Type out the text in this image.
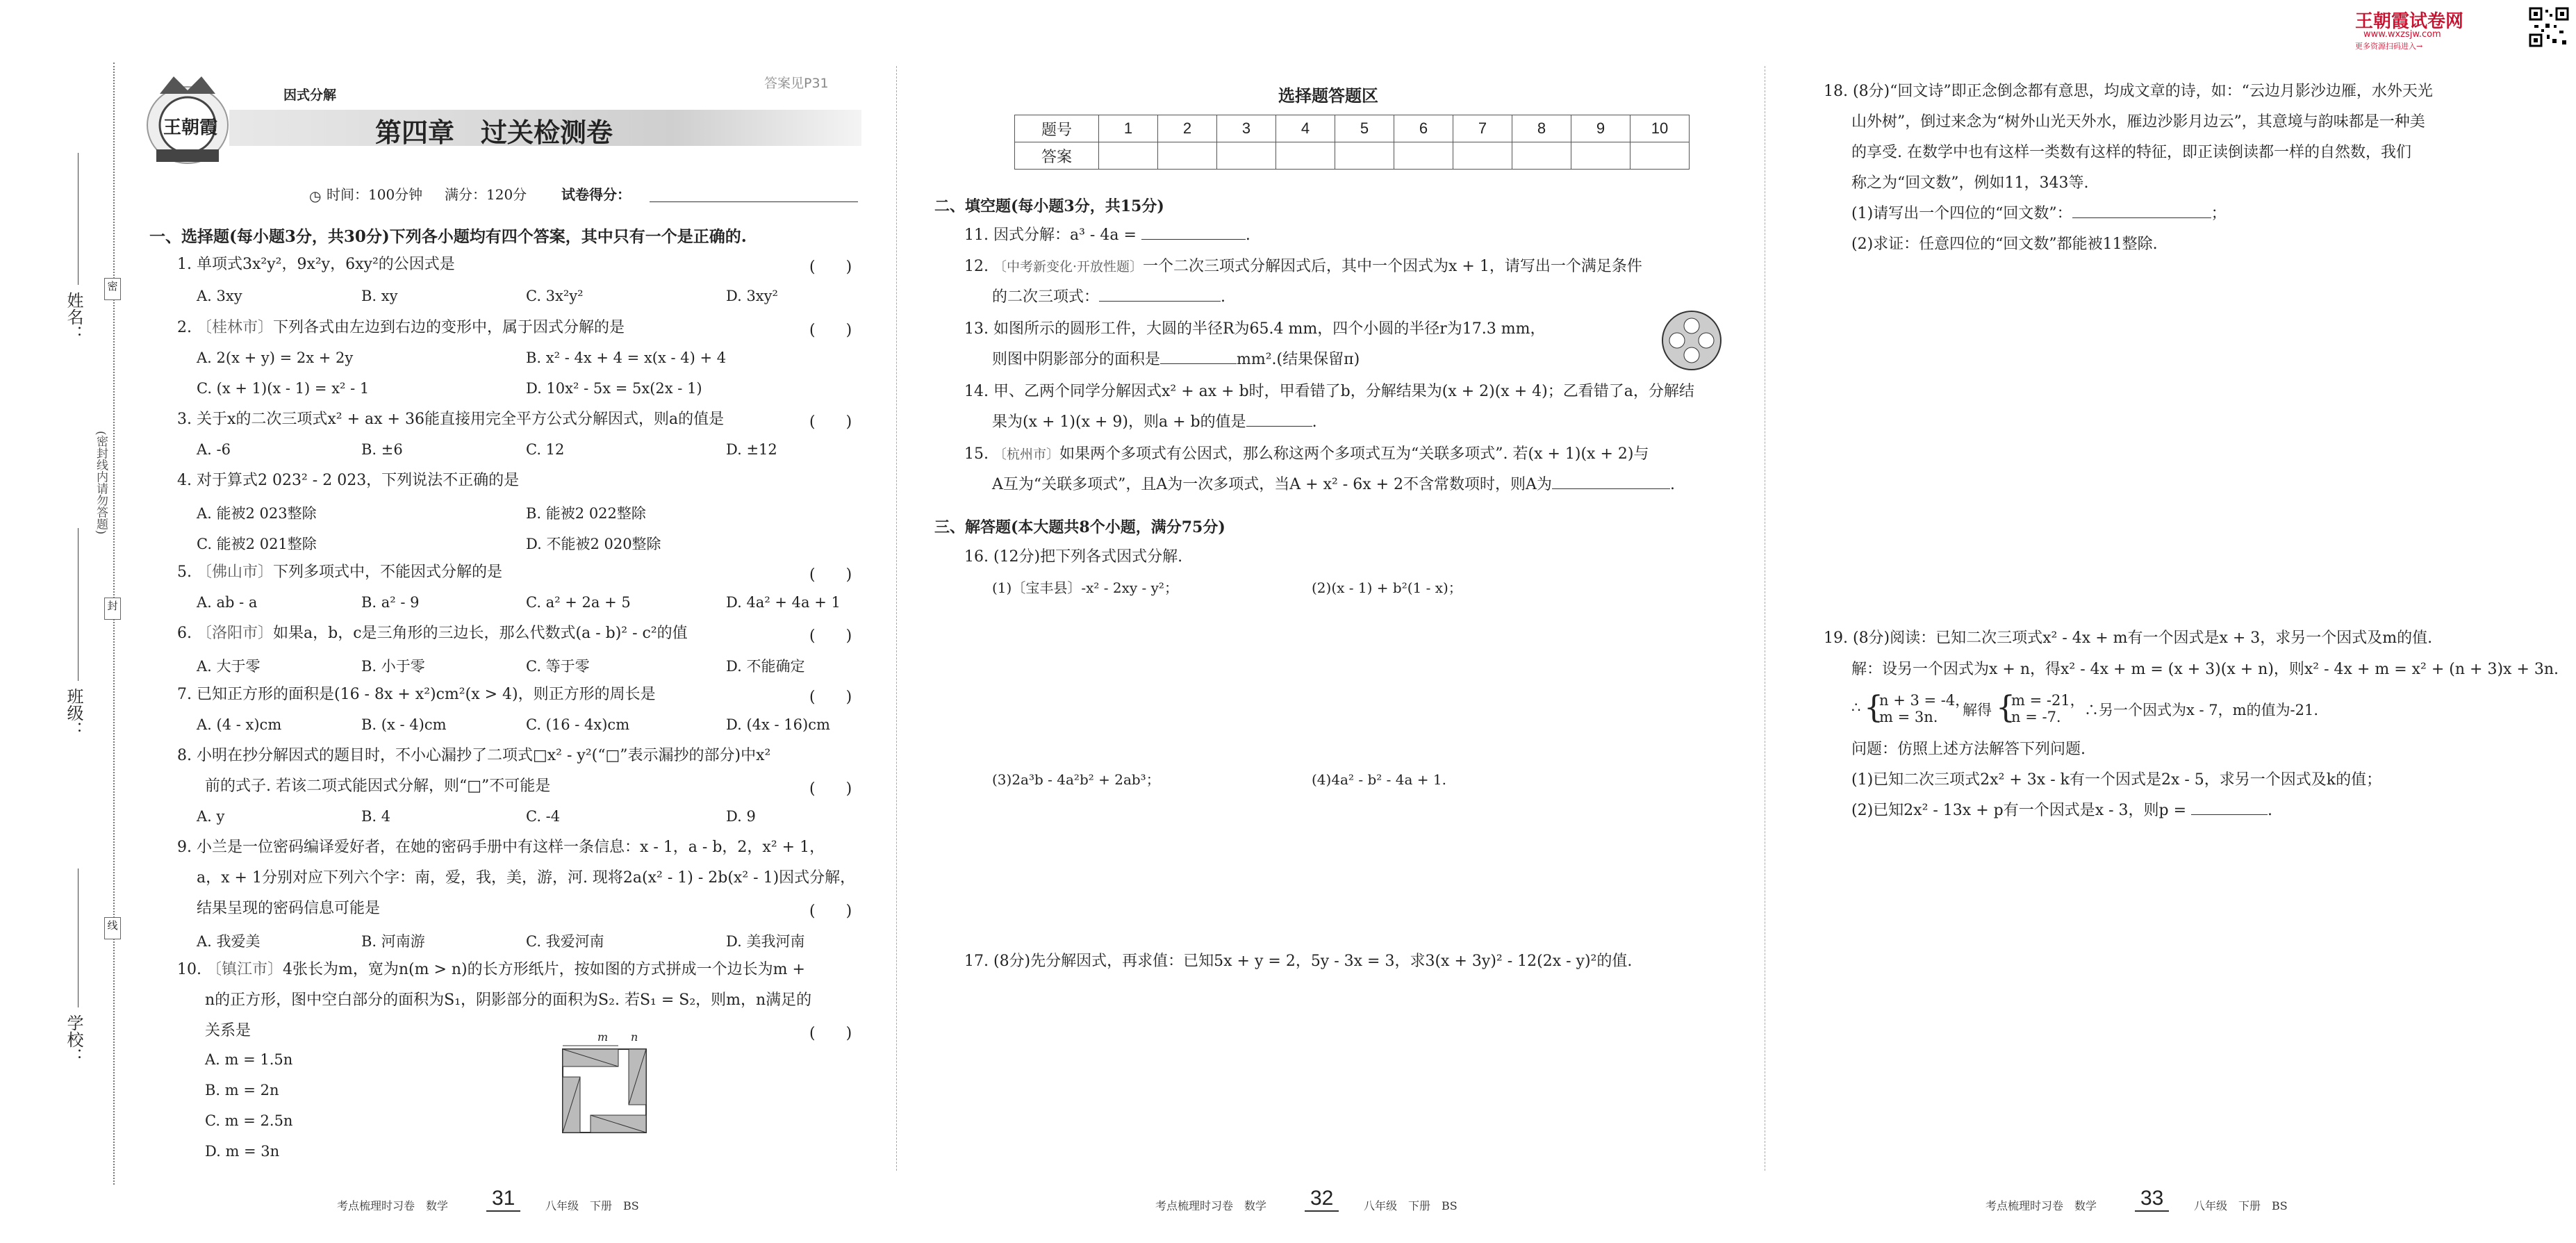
姓名：
班级：
学校：
(密封线内请勿答题)
密
封
线
王朝霞
因式分解
答案见P31
第四章　过关检测卷
◷ 时间：100分钟 满分：120分 试卷得分：
一、选择题(每小题3分，共30分)下列各小题均有四个答案，其中只有一个是正确的.
1. 单项式3x²y²，9x²y，6xy²的公因式是	(　　)
A. 3xy	B. xy	C. 3x²y²	D. 3xy²
2. 〔桂林市〕下列各式由左边到右边的变形中，属于因式分解的是	(　　)
A. 2(x + y) = 2x + 2y	B. x² - 4x + 4 = x(x - 4) + 4
C. (x + 1)(x - 1) = x² - 1	D. 10x² - 5x = 5x(2x - 1)
3. 关于x的二次三项式x² + ax + 36能直接用完全平方公式分解因式，则a的值是	(　　)
A. -6	B. ±6	C. 12	D. ±12
4. 对于算式2 023² - 2 023，下列说法不正确的是
A. 能被2 023整除	B. 能被2 022整除
C. 能被2 021整除	D. 不能被2 020整除
5. 〔佛山市〕下列多项式中，不能因式分解的是	(　　)
A. ab - a	B. a² - 9	C. a² + 2a + 5	D. 4a² + 4a + 1
6. 〔洛阳市〕如果a，b，c是三角形的三边长，那么代数式(a - b)² - c²的值	(　　)
A. 大于零	B. 小于零	C. 等于零	D. 不能确定
7. 已知正方形的面积是(16 - 8x + x²)cm²(x > 4)，则正方形的周长是	(　　)
A. (4 - x)cm	B. (x - 4)cm	C. (16 - 4x)cm	D. (4x - 16)cm
8. 小明在抄分解因式的题目时，不小心漏抄了二项式□x² - y²(“□”表示漏抄的部分)中x²
前的式子. 若该二项式能因式分解，则“□”不可能是	(　　)
A. y	B. 4	C. -4	D. 9
9. 小兰是一位密码编译爱好者，在她的密码手册中有这样一条信息：x - 1，a - b，2，x² + 1，
a，x + 1分别对应下列六个字：南，爱，我，美，游，河. 现将2a(x² - 1) - 2b(x² - 1)因式分解，
结果呈现的密码信息可能是	(　　)
A. 我爱美	B. 河南游	C. 我爱河南	D. 美我河南
10. 〔镇江市〕4张长为m，宽为n(m > n)的长方形纸片，按如图的方式拼成一个边长为m +
n的正方形，图中空白部分的面积为S₁，阴影部分的面积为S₂. 若S₁ = S₂，则m，n满足的
关系是	(　　)
A. m = 1.5n
B. m = 2n
C. m = 2.5n
D. m = 3n
m n
考点梳理时习卷　数学 31	八年级　下册　BS
选择题答题区
题号	1	2	3	4	5	6	7	8	9	10
答案										
二、填空题(每小题3分，共15分)
11. 因式分解：a³ - 4a =	.
12. 〔中考新变化·开放性题〕一个二次三项式分解因式后，其中一个因式为x + 1，请写出一个满足条件
的二次三项式：	.
13. 如图所示的圆形工件，大圆的半径R为65.4 mm，四个小圆的半径r为17.3 mm，
则图中阴影部分的面积是	mm².(结果保留π)
14. 甲、乙两个同学分解因式x² + ax + b时，甲看错了b，分解结果为(x + 2)(x + 4)；乙看错了a，分解结
果为(x + 1)(x + 9)，则a + b的值是	.
15. 〔杭州市〕如果两个多项式有公因式，那么称这两个多项式互为“关联多项式”. 若(x + 1)(x + 2)与
A互为“关联多项式”，且A为一次多项式，当A + x² - 6x + 2不含常数项时，则A为	.
三、解答题(本大题共8个小题，满分75分)
16. (12分)把下列各式因式分解.
(1)〔宝丰县〕-x² - 2xy - y²；	(2)(x - 1) + b²(1 - x)；
(3)2a³b - 4a²b² + 2ab³；	(4)4a² - b² - 4a + 1.
17. (8分)先分解因式，再求值：已知5x + y = 2，5y - 3x = 3，求3(x + 3y)² - 12(2x - y)²的值.
考点梳理时习卷　数学 32	八年级　下册　BS
王朝霞试卷网
www.wxzsjw.com
更多资源扫码进入→
18. (8分)“回文诗”即正念倒念都有意思，均成文章的诗，如：“云边月影沙边雁，水外天光
山外树”，倒过来念为“树外山光天外水，雁边沙影月边云”，其意境与韵味都是一种美
的享受. 在数学中也有这样一类数有这样的特征，即正读倒读都一样的自然数，我们
称之为“回文数”，例如11，343等.
(1)请写出一个四位的“回文数”：	；
(2)求证：任意四位的“回文数”都能被11整除.
19. (8分)阅读：已知二次三项式x² - 4x + m有一个因式是x + 3，求另一个因式及m的值.
解：设另一个因式为x + n，得x² - 4x + m = (x + 3)(x + n)，则x² - 4x + m = x² + (n + 3)x + 3n.
∴ {
n + 3 = -4，
m = 3n. 解得 {
m = -21，
n = -7. ∴另一个因式为x - 7，m的值为-21.
问题：仿照上述方法解答下列问题.
(1)已知二次三项式2x² + 3x - k有一个因式是2x - 5，求另一个因式及k的值；
(2)已知2x² - 13x + p有一个因式是x - 3，则p =	.
考点梳理时习卷　数学 33	八年级　下册　BS
